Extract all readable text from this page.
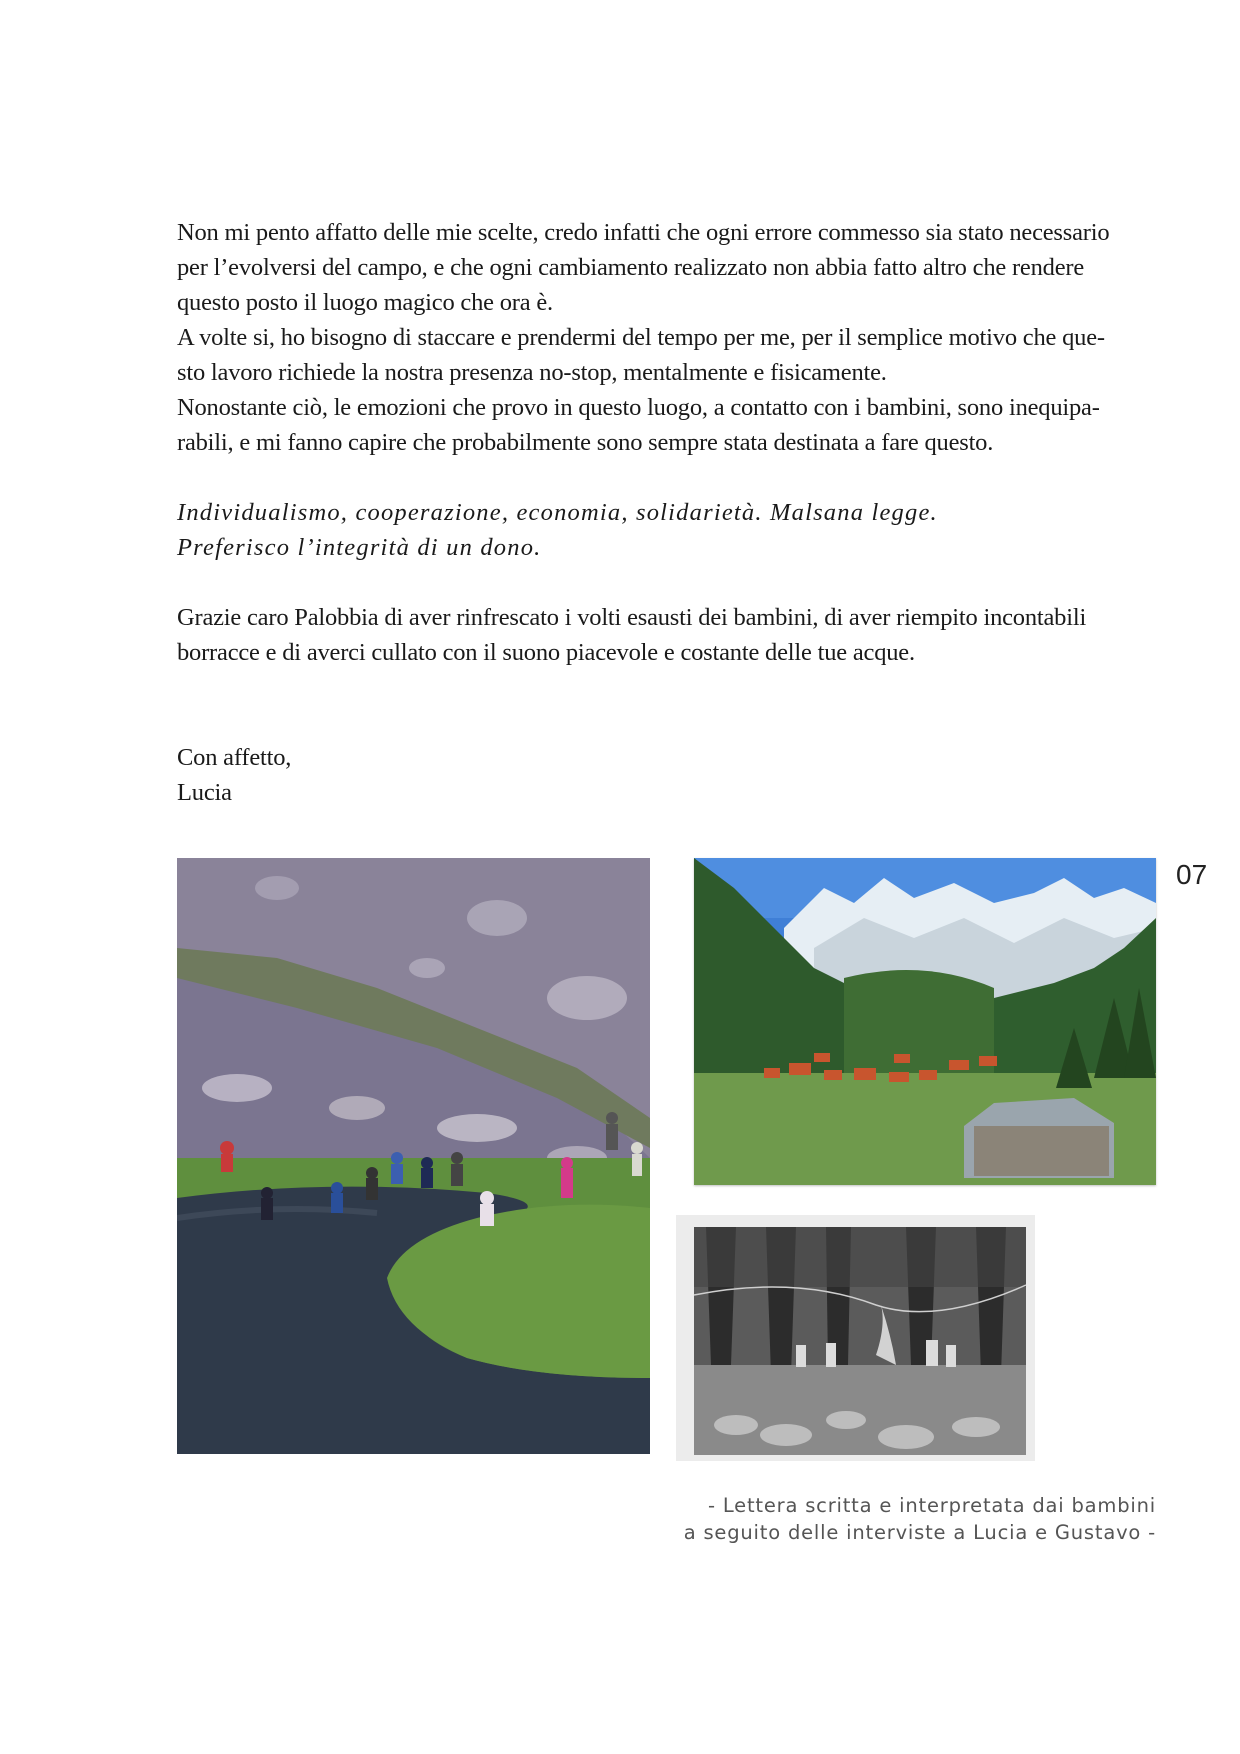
Non mi pento affatto delle mie scelte, credo infatti che ogni errore commesso sia stato necessario

per l’evolversi del campo, e che ogni cambiamento realizzato non abbia fatto altro che rendere

questo posto il luogo magico che ora è.

A volte si, ho bisogno di staccare e prendermi del tempo per me, per il semplice motivo che que-

sto lavoro richiede la nostra presenza no-stop, mentalmente e fisicamente.

Nonostante ciò, le emozioni che provo in questo luogo, a contatto con i bambini, sono inequipa-

rabili, e mi fanno capire che probabilmente sono sempre stata destinata a fare questo.

Individualismo, cooperazione, economia, solidarietà. Malsana legge.

Preferisco l’integrità di un dono.

Grazie caro Palobbia di aver rinfrescato i volti esausti dei bambini, di aver riempito incontabili

borracce e di averci cullato con il suono piacevole e costante delle tue acque.

Con affetto,

Lucia

07
- Lettera scritta e interpretata dai bambini
a seguito delle interviste a Lucia e Gustavo -
